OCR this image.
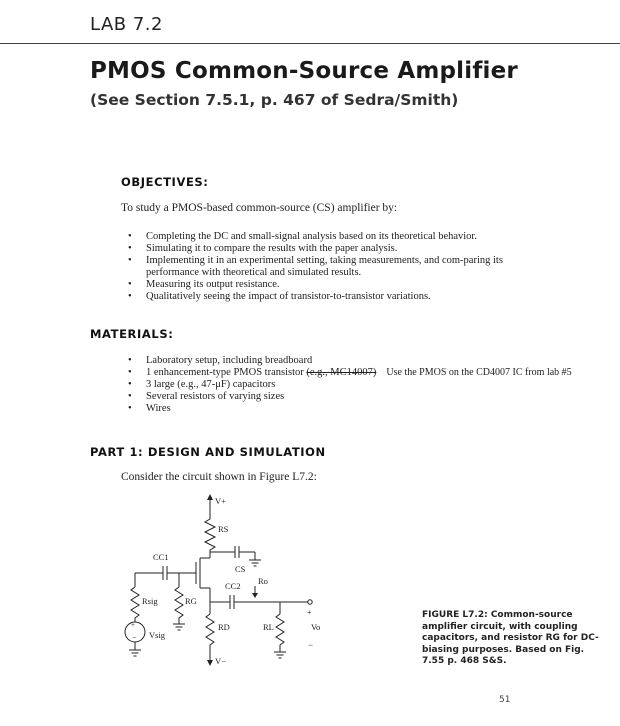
LAB 7.2
PMOS Common-Source Amplifier
(See Section 7.5.1, p. 467 of Sedra/Smith)
OBJECTIVES:
To study a PMOS-based common-source (CS) amplifier by:
• Completing the DC and small-signal analysis based on its theoretical behavior.
• Simulating it to compare the results with the paper analysis.
• Implementing it in an experimental setting, taking measurements, and com-paring its performance with theoretical and simulated results.
• Measuring its output resistance.
• Qualitatively seeing the impact of transistor-to-transistor variations.
MATERIALS:
• Laboratory setup, including breadboard
• 1 enhancement-type PMOS transistor (e.g., MC14007) Use the PMOS on the CD4007 IC from lab #5
• 3 large (e.g., 47-μF) capacitors
• Several resistors of varying sizes
• Wires
PART 1: DESIGN AND SIMULATION
Consider the circuit shown in Figure L7.2:
V+
RS
CS
CC1
RG
Rsig
+
− Vsig
CC2 Ro
RD
V−
RL
+
Vo
−
FIGURE L7.2: Common-source amplifier circuit, with coupling capacitors, and resistor RG for DC-biasing purposes. Based on Fig. 7.55 p. 468 S&S.
51
